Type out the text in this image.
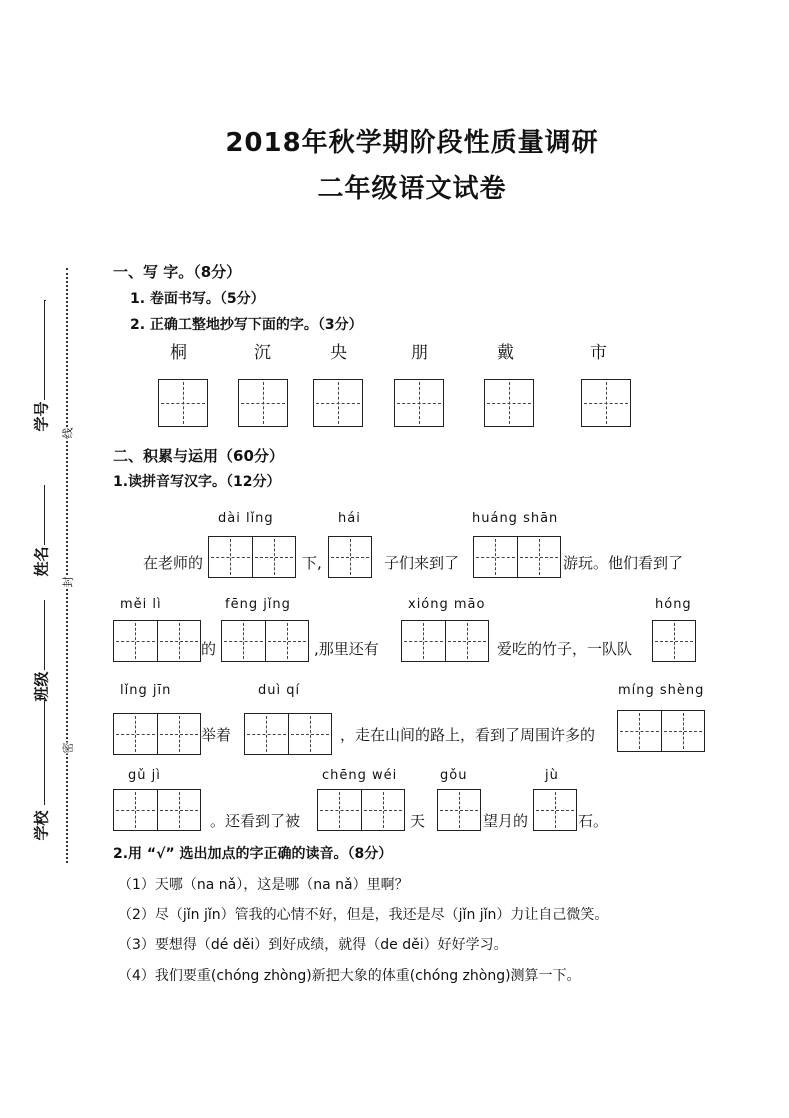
2018年秋学期阶段性质量调研
二年级语文试卷
学号
姓名
班级
学校
线
封
密
一、写 字。（8分）
1. 卷面书写。（5分）
2. 正确工整地抄写下面的字。（3分）
桐	沉	央	朋	戴	市
二、积累与运用（60分）
1.读拼音写汉字。（12分）
dài lǐng	hái	huáng shān
在老师的	下,	子们来到了	游玩。他们看到了
měi lì	fēng jǐng	xióng māo	hóng
的	,那里还有	爱吃的竹子，一队队
lǐng jīn	duì qí	míng shèng
举着	，走在山间的路上，看到了周围许多的
gǔ jì	chēng wéi	gǒu	jù
。还看到了被	天	望月的	石。
2.用 “√” 选出加点的字正确的读音。（8分）
（1）天哪（na nǎ），这是哪（na nǎ）里啊？
（2）尽（jǐn jǐn）管我的心情不好，但是，我还是尽（jǐn jǐn）力让自己微笑。
（3）要想得（dé děi）到好成绩，就得（de děi）好好学习。
（4）我们要重(chóng zhòng)新把大象的体重(chóng zhòng)测算一下。
